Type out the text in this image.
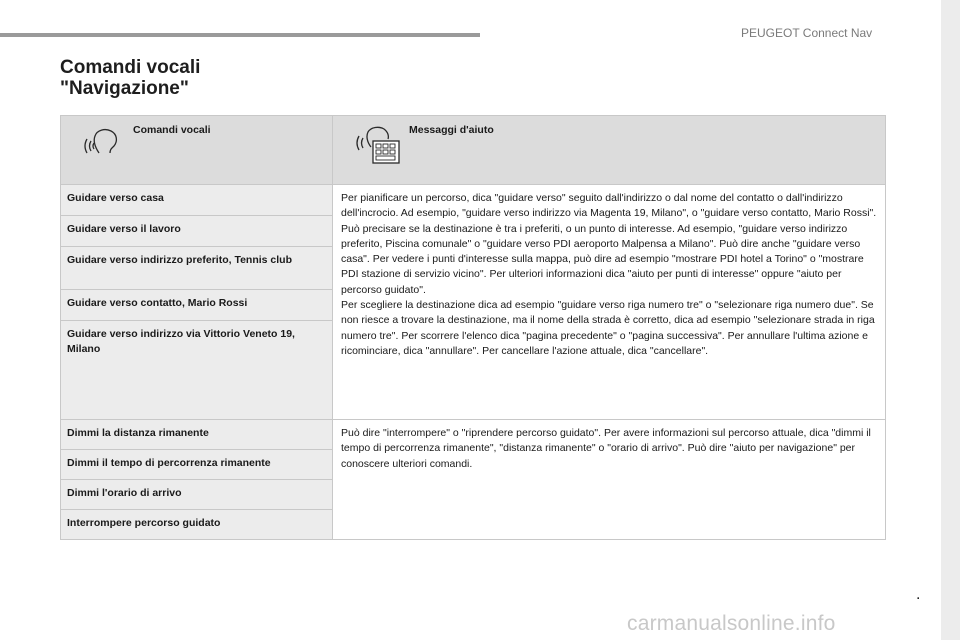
PEUGEOT Connect Nav
Comandi vocali
"Navigazione"
Comandi vocali	Messaggi d'aiuto

Guidare verso casa	Per pianificare un percorso, dica "guidare verso" seguito dall'indirizzo o dal nome del contatto o dall'indirizzo dell'incrocio. Ad esempio, "guidare verso indirizzo via Magenta 19, Milano", o "guidare verso contatto, Mario Rossi". Può precisare se la destinazione è tra i preferiti, o un punto di interesse. Ad esempio, "guidare verso indirizzo preferito, Piscina comunale" o "guidare verso PDI aeroporto Malpensa a Milano". Può dire anche "guidare verso casa". Per vedere i punti d'interesse sulla mappa, può dire ad esempio "mostrare PDI hotel a Torino" o "mostrare PDI stazione di servizio vicino". Per ulteriori informazioni dica "aiuto per punti di interesse" oppure "aiuto per percorso guidato".
Per scegliere la destinazione dica ad esempio "guidare verso riga numero tre" o "selezionare riga numero due". Se non riesce a trovare la destinazione, ma il nome della strada è corretto, dica ad esempio "selezionare strada in riga numero tre". Per scorrere l'elenco dica "pagina precedente" o "pagina successiva". Per annullare l'ultima azione e ricominciare, dica "annullare". Per cancellare l'azione attuale, dica "cancellare".

Guidare verso il lavoro	
Guidare verso indirizzo preferito, Tennis club	
Guidare verso contatto, Mario Rossi	
Guidare verso indirizzo via Vittorio Veneto 19, Milano	
Dimmi la distanza rimanente	Può dire "interrompere" o "riprendere percorso guidato". Per avere informazioni sul percorso attuale, dica "dimmi il tempo di percorrenza rimanente", "distanza rimanente" o "orario di arrivo". Può dire "aiuto per navigazione" per conoscere ulteriori comandi.

Dimmi il tempo di percorrenza rimanente	
Dimmi l'orario di arrivo	
Interrompere percorso guidato	
.
carmanualsonline.info
